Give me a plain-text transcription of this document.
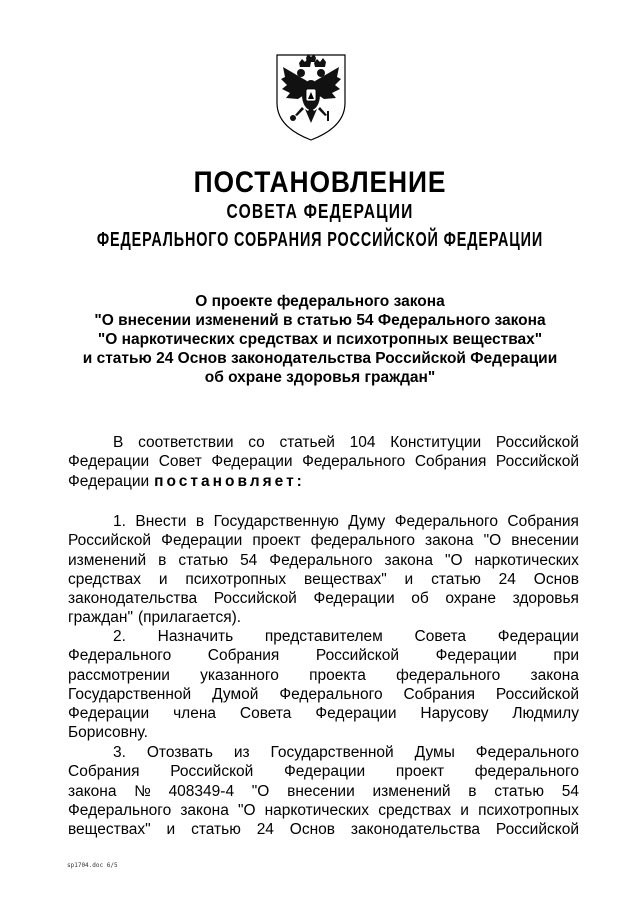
ПОСТАНОВЛЕНИЕ
СОВЕТА ФЕДЕРАЦИИ
ФЕДЕРАЛЬНОГО СОБРАНИЯ РОССИЙСКОЙ ФЕДЕРАЦИИ
О проекте федерального закона
"О внесении изменений в статью 54 Федерального закона
"О наркотических средствах и психотропных веществах"
и статью 24 Основ законодательства Российской Федерации
об охране здоровья граждан"
В соответствии со статьей 104 Конституции Российской
Федерации Совет Федерации Федерального Собрания Российской
Федерации постановляет:
1. Внести в Государственную Думу Федерального Собрания
Российской Федерации проект федерального закона "О внесении
изменений в статью 54 Федерального закона "О наркотических
средствах и психотропных веществах" и статью 24 Основ
законодательства Российской Федерации об охране здоровья
граждан" (прилагается).
2. Назначить представителем Совета Федерации
Федерального Собрания Российской Федерации при
рассмотрении указанного проекта федерального закона
Государственной Думой Федерального Собрания Российской
Федерации члена Совета Федерации Нарусову Людмилу
Борисовну.
3. Отозвать из Государственной Думы Федерального
Собрания Российской Федерации проект федерального
закона № 408349-4 "О внесении изменений в статью 54
Федерального закона "О наркотических средствах и психотропных
веществах" и статью 24 Основ законодательства Российской
sp1704.doc 6/5
